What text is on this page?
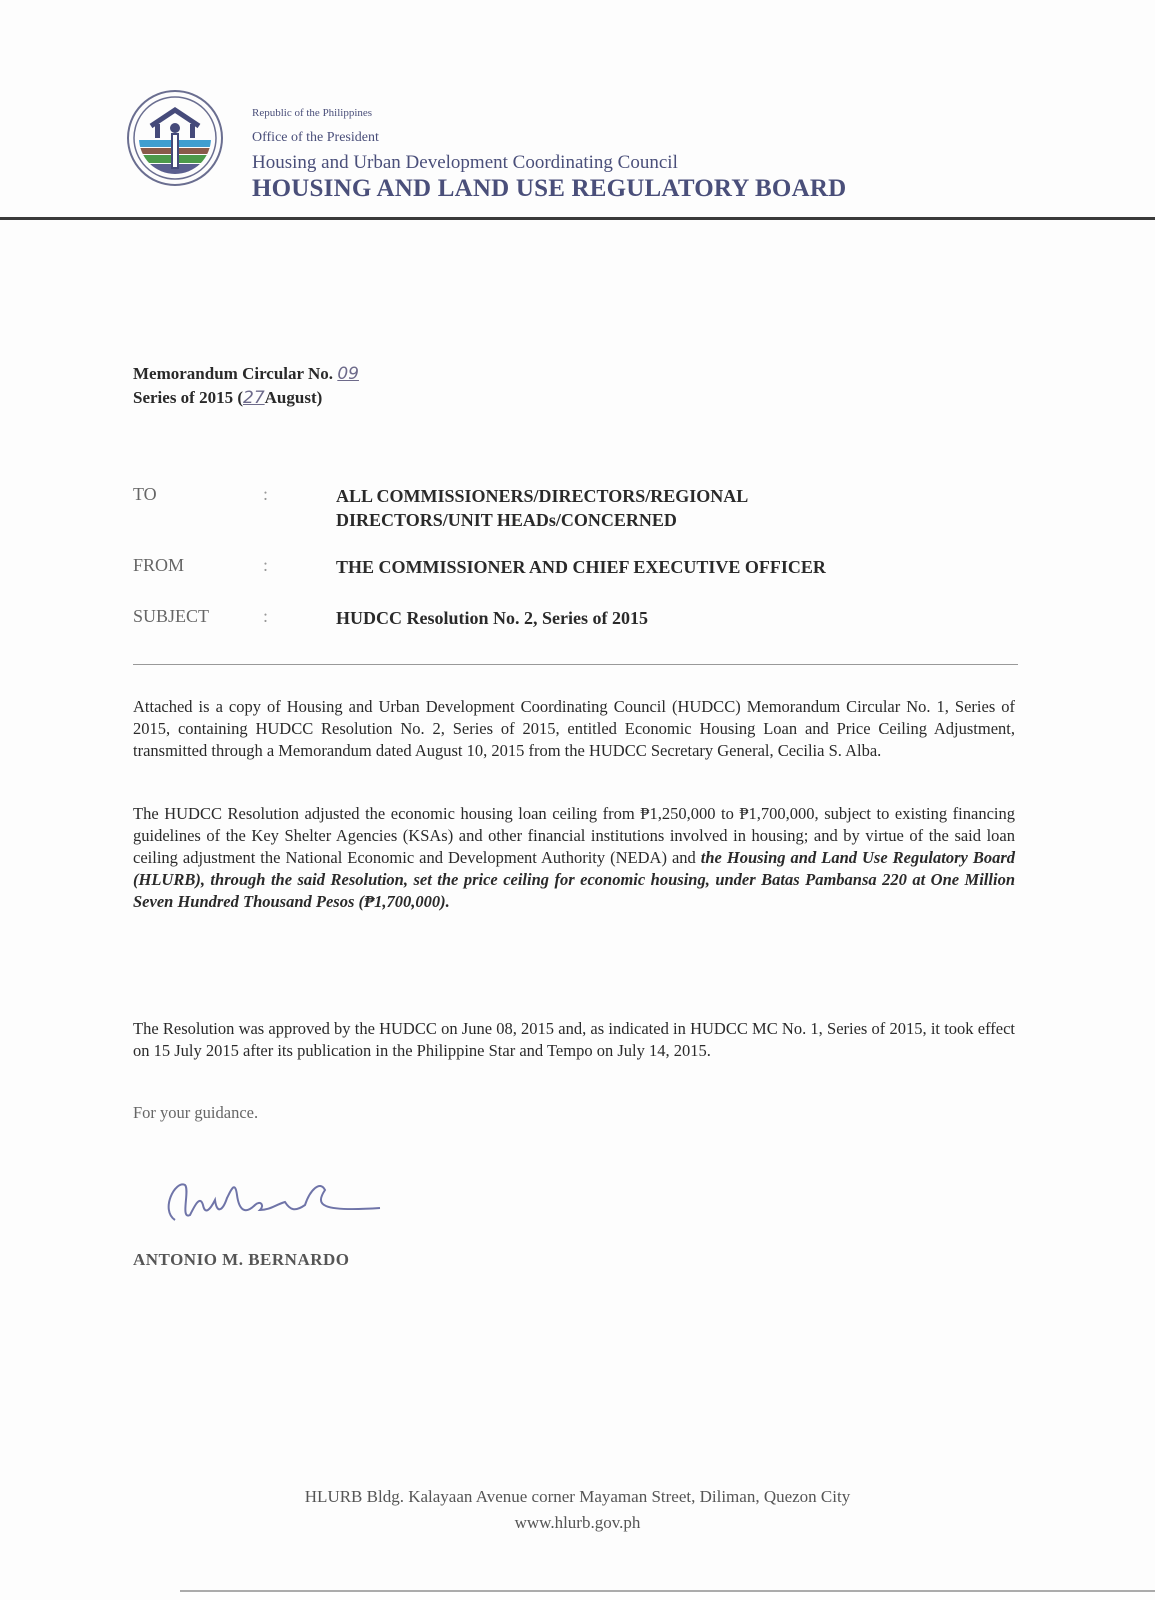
Republic of the Philippines
Office of the President
Housing and Urban Development Coordinating Council
HOUSING AND LAND USE REGULATORY BOARD
Memorandum Circular No. 09
Series of 2015 (27August)
TO	:	ALL COMMISSIONERS/DIRECTORS/REGIONAL
DIRECTORS/UNIT HEADs/CONCERNED
FROM	:	THE COMMISSIONER AND CHIEF EXECUTIVE OFFICER
SUBJECT	:	HUDCC Resolution No. 2, Series of 2015
Attached is a copy of Housing and Urban Development Coordinating Council (HUDCC) Memorandum Circular No. 1, Series of 2015, containing HUDCC Resolution No. 2, Series of 2015, entitled Economic Housing Loan and Price Ceiling Adjustment, transmitted through a Memorandum dated August 10, 2015 from the HUDCC Secretary General, Cecilia S. Alba.
The HUDCC Resolution adjusted the economic housing loan ceiling from ₱1,250,000 to ₱1,700,000, subject to existing financing guidelines of the Key Shelter Agencies (KSAs) and other financial institutions involved in housing; and by virtue of the said loan ceiling adjustment the National Economic and Development Authority (NEDA) and the Housing and Land Use Regulatory Board (HLURB), through the said Resolution, set the price ceiling for economic housing, under Batas Pambansa 220 at One Million Seven Hundred Thousand Pesos (₱1,700,000).
The Resolution was approved by the HUDCC on June 08, 2015 and, as indicated in HUDCC MC No. 1, Series of 2015, it took effect on 15 July 2015 after its publication in the Philippine Star and Tempo on July 14, 2015.
For your guidance.
ANTONIO M. BERNARDO
HLURB Bldg. Kalayaan Avenue corner Mayaman Street, Diliman, Quezon City
www.hlurb.gov.ph
